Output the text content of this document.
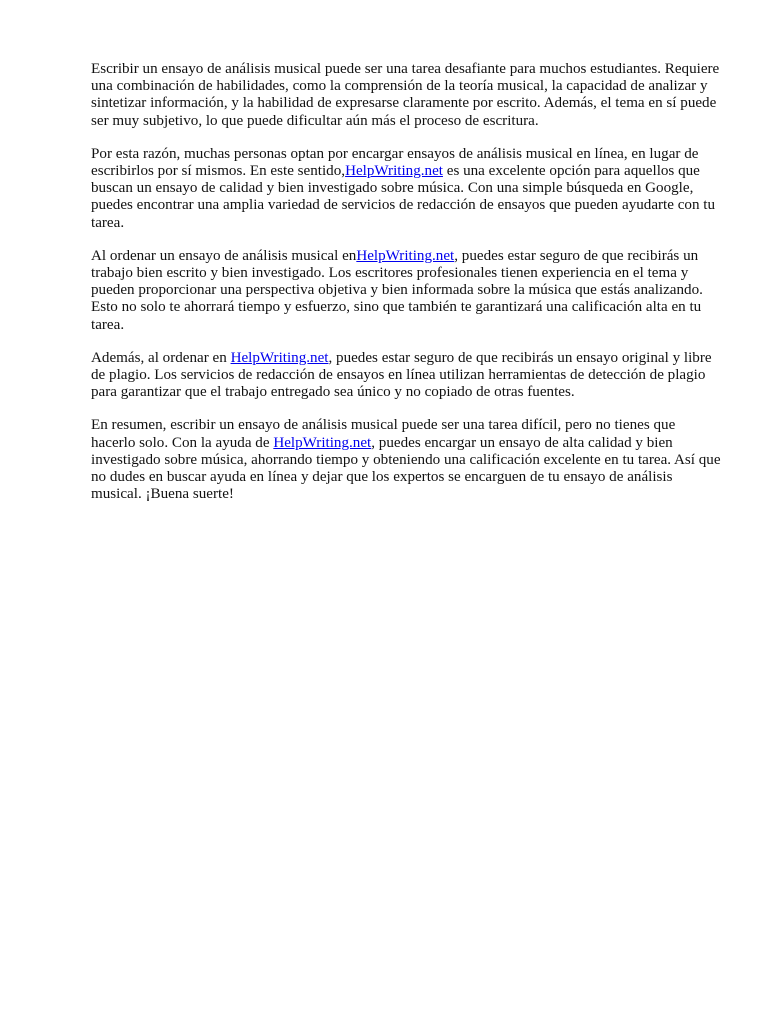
Escribir un ensayo de análisis musical puede ser una tarea desafiante para muchos estudiantes. Requiere una combinación de habilidades, como la comprensión de la teoría musical, la capacidad de analizar y sintetizar información, y la habilidad de expresarse claramente por escrito. Además, el tema en sí puede ser muy subjetivo, lo que puede dificultar aún más el proceso de escritura.

Por esta razón, muchas personas optan por encargar ensayos de análisis musical en línea, en lugar de escribirlos por sí mismos. En este sentido,HelpWriting.net es una excelente opción para aquellos que buscan un ensayo de calidad y bien investigado sobre música. Con una simple búsqueda en Google, puedes encontrar una amplia variedad de servicios de redacción de ensayos que pueden ayudarte con tu tarea.

Al ordenar un ensayo de análisis musical enHelpWriting.net, puedes estar seguro de que recibirás un trabajo bien escrito y bien investigado. Los escritores profesionales tienen experiencia en el tema y pueden proporcionar una perspectiva objetiva y bien informada sobre la música que estás analizando. Esto no solo te ahorrará tiempo y esfuerzo, sino que también te garantizará una calificación alta en tu tarea.

Además, al ordenar en HelpWriting.net, puedes estar seguro de que recibirás un ensayo original y libre de plagio. Los servicios de redacción de ensayos en línea utilizan herramientas de detección de plagio para garantizar que el trabajo entregado sea único y no copiado de otras fuentes.

En resumen, escribir un ensayo de análisis musical puede ser una tarea difícil, pero no tienes que hacerlo solo. Con la ayuda de HelpWriting.net, puedes encargar un ensayo de alta calidad y bien investigado sobre música, ahorrando tiempo y obteniendo una calificación excelente en tu tarea. Así que no dudes en buscar ayuda en línea y dejar que los expertos se encarguen de tu ensayo de análisis musical. ¡Buena suerte!
